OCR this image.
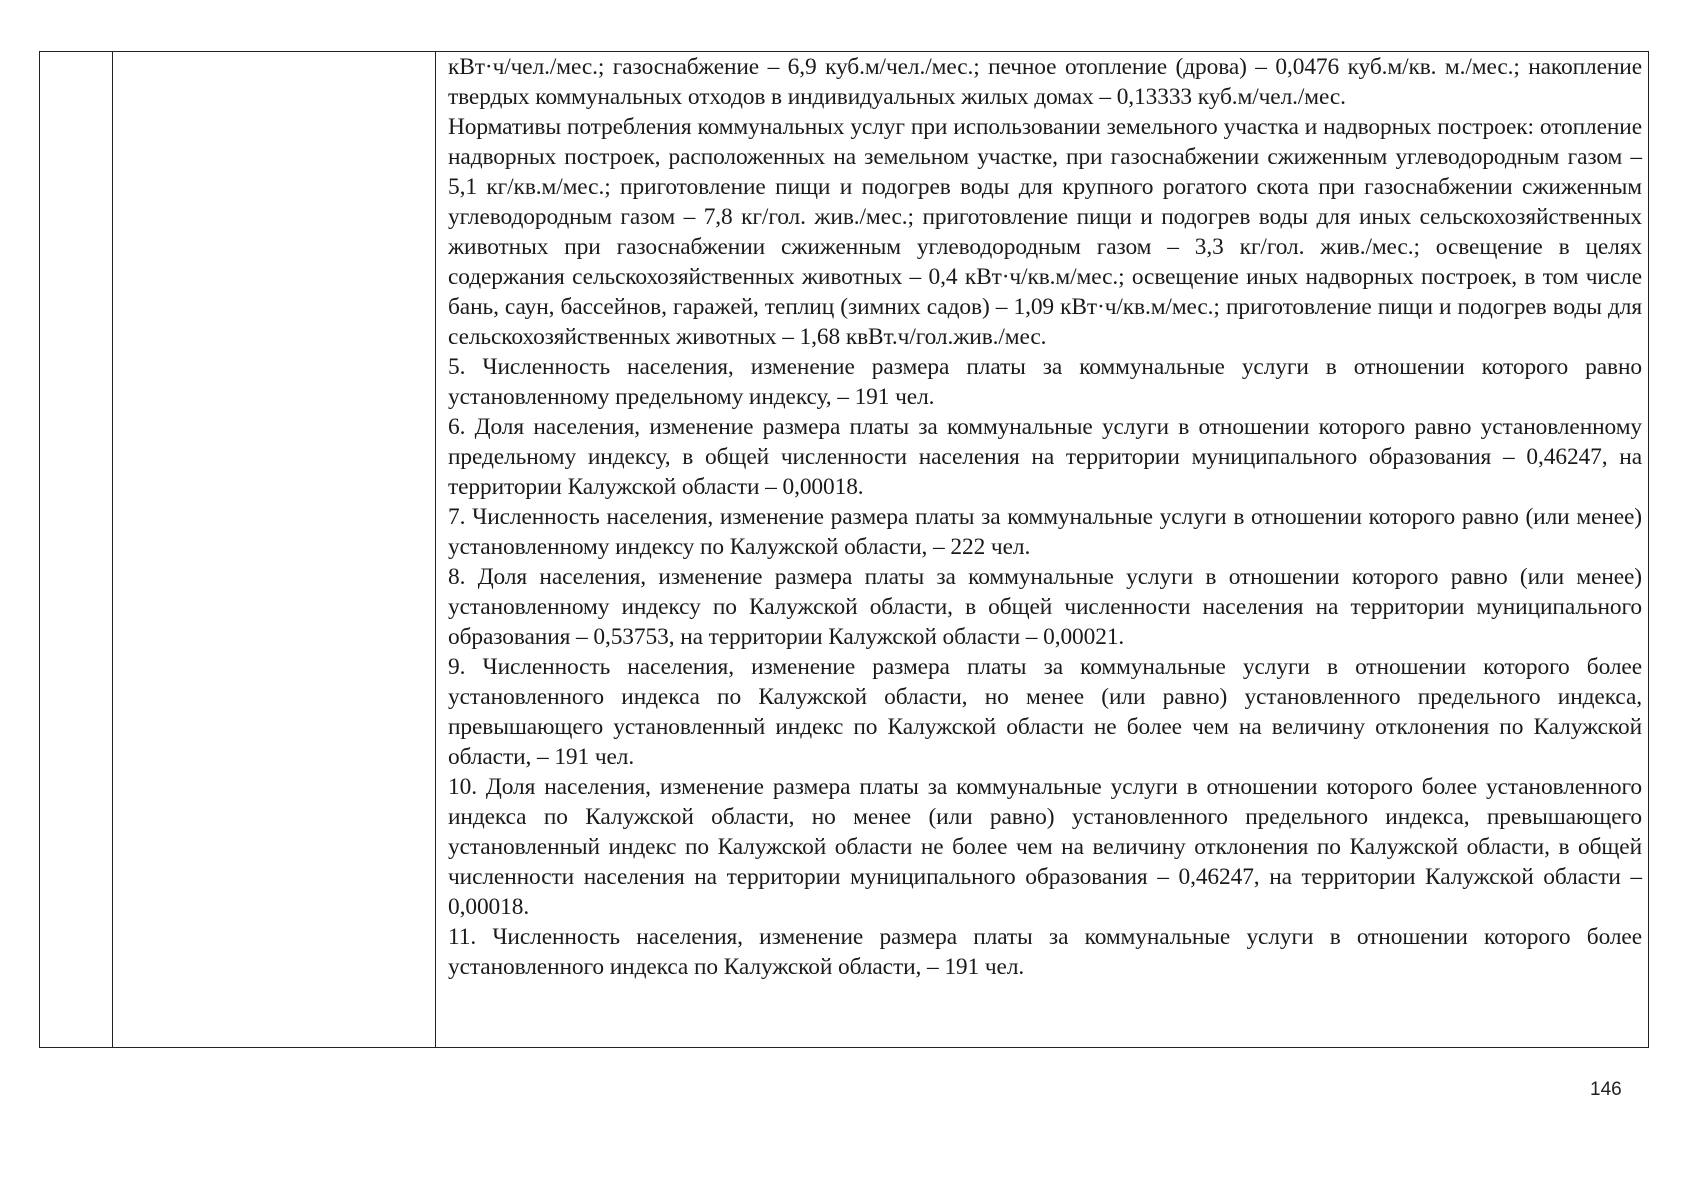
кВт·ч/чел./мес.; газоснабжение – 6,9 куб.м/чел./мес.; печное отопление (дрова) – 0,0476 куб.м/кв. м./мес.; накопление твердых коммунальных отходов в индивидуальных жилых домах – 0,13333 куб.м/чел./мес.

Нормативы потребления коммунальных услуг при использовании земельного участка и надворных построек: отопление надворных построек, расположенных на земельном участке, при газоснабжении сжиженным углеводородным газом – 5,1 кг/кв.м/мес.; приготовление пищи и подогрев воды для крупного рогатого скота при газоснабжении сжиженным углеводородным газом – 7,8 кг/гол. жив./мес.; приготовление пищи и подогрев воды для иных сельскохозяйственных животных при газоснабжении сжиженным углеводородным газом – 3,3 кг/гол. жив./мес.; освещение в целях содержания сельскохозяйственных животных – 0,4 кВт·ч/кв.м/мес.; освещение иных надворных построек, в том числе бань, саун, бассейнов, гаражей, теплиц (зимних садов) – 1,09 кВт·ч/кв.м/мес.; приготовление пищи и подогрев воды для сельскохозяйственных животных – 1,68 квВт.ч/гол.жив./мес.

5. Численность населения, изменение размера платы за коммунальные услуги в отношении которого равно установленному предельному индексу, – 191 чел.

6. Доля населения, изменение размера платы за коммунальные услуги в отношении которого равно установленному предельному индексу, в общей численности населения на территории муниципального образования – 0,46247, на территории Калужской области – 0,00018.

7. Численность населения, изменение размера платы за коммунальные услуги в отношении которого равно (или менее) установленному индексу по Калужской области, – 222 чел.

8. Доля населения, изменение размера платы за коммунальные услуги в отношении которого равно (или менее) установленному индексу по Калужской области, в общей численности населения на территории муниципального образования – 0,53753, на территории Калужской области – 0,00021.

9. Численность населения, изменение размера платы за коммунальные услуги в отношении которого более установленного индекса по Калужской области, но менее (или равно) установленного предельного индекса, превышающего установленный индекс по Калужской области не более чем на величину отклонения по Калужской области, – 191 чел.

10. Доля населения, изменение размера платы за коммунальные услуги в отношении которого более установленного индекса по Калужской области, но менее (или равно) установленного предельного индекса, превышающего установленный индекс по Калужской области не более чем на величину отклонения по Калужской области, в общей численности населения на территории муниципального образования – 0,46247, на территории Калужской области – 0,00018.

11. Численность населения, изменение размера платы за коммунальные услуги в отношении которого более установленного индекса по Калужской области, – 191 чел.

146
